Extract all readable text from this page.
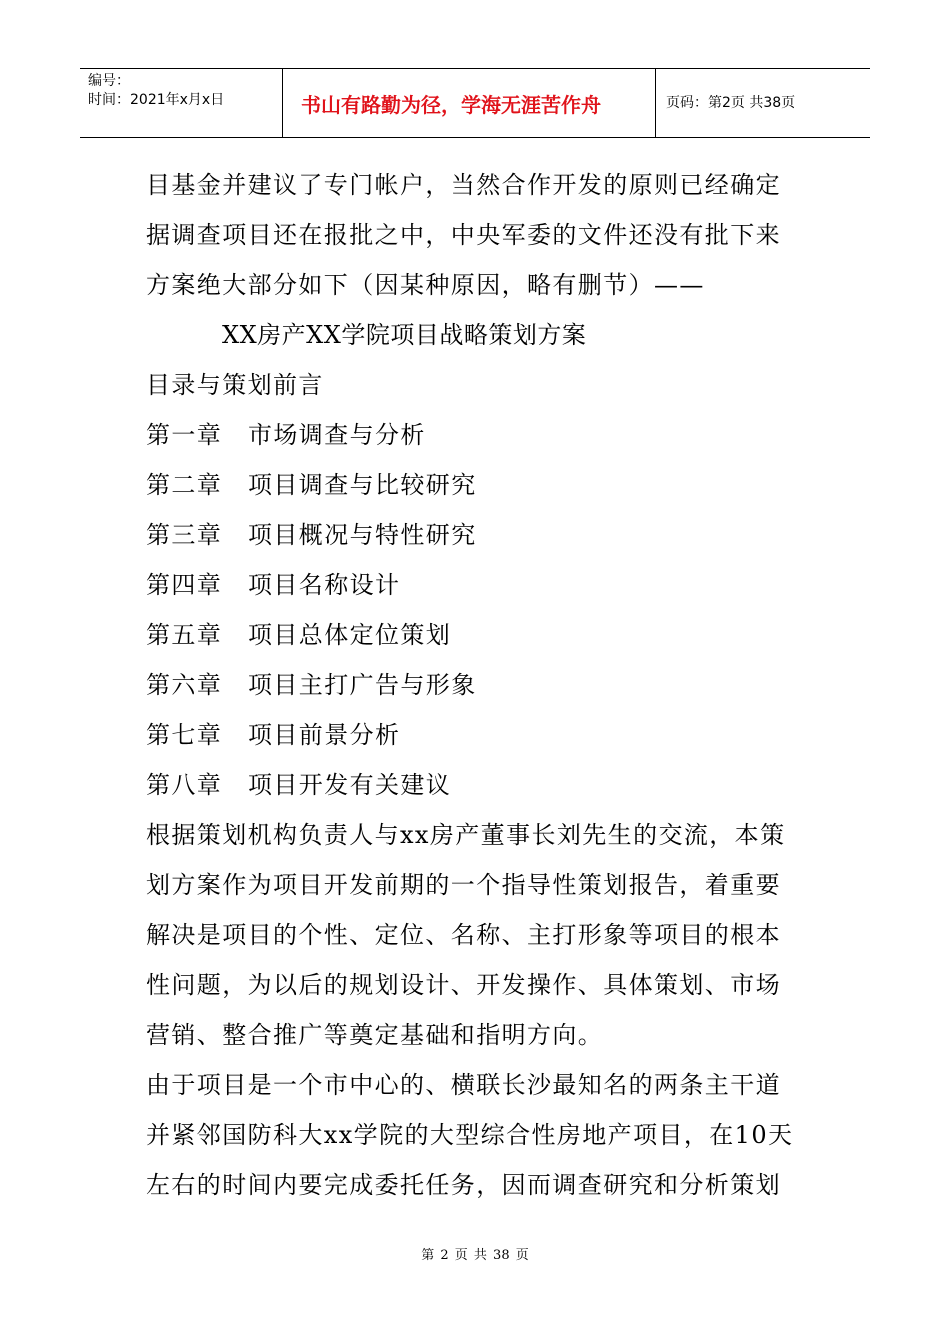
编号：
时间：2021年x月x日	书山有路勤为径，学海无涯苦作舟	页码：第2页 共38页
目基金并建议了专门帐户，当然合作开发的原则已经确定
据调查项目还在报批之中，中央军委的文件还没有批下来
方案绝大部分如下（因某种原因，略有删节）——
XX房产XX学院项目战略策划方案
目录与策划前言
第一章	市场调查与分析
第二章	项目调查与比较研究
第三章	项目概况与特性研究
第四章	项目名称设计
第五章	项目总体定位策划
第六章	项目主打广告与形象
第七章	项目前景分析
第八章	项目开发有关建议
根据策划机构负责人与xx房产董事长刘先生的交流，本策
划方案作为项目开发前期的一个指导性策划报告，着重要
解决是项目的个性、定位、名称、主打形象等项目的根本
性问题，为以后的规划设计、开发操作、具体策划、市场
营销、整合推广等奠定基础和指明方向。
由于项目是一个市中心的、横联长沙最知名的两条主干道
并紧邻国防科大xx学院的大型综合性房地产项目，在10天
左右的时间内要完成委托任务，因而调查研究和分析策划
第 2 页 共 38 页
